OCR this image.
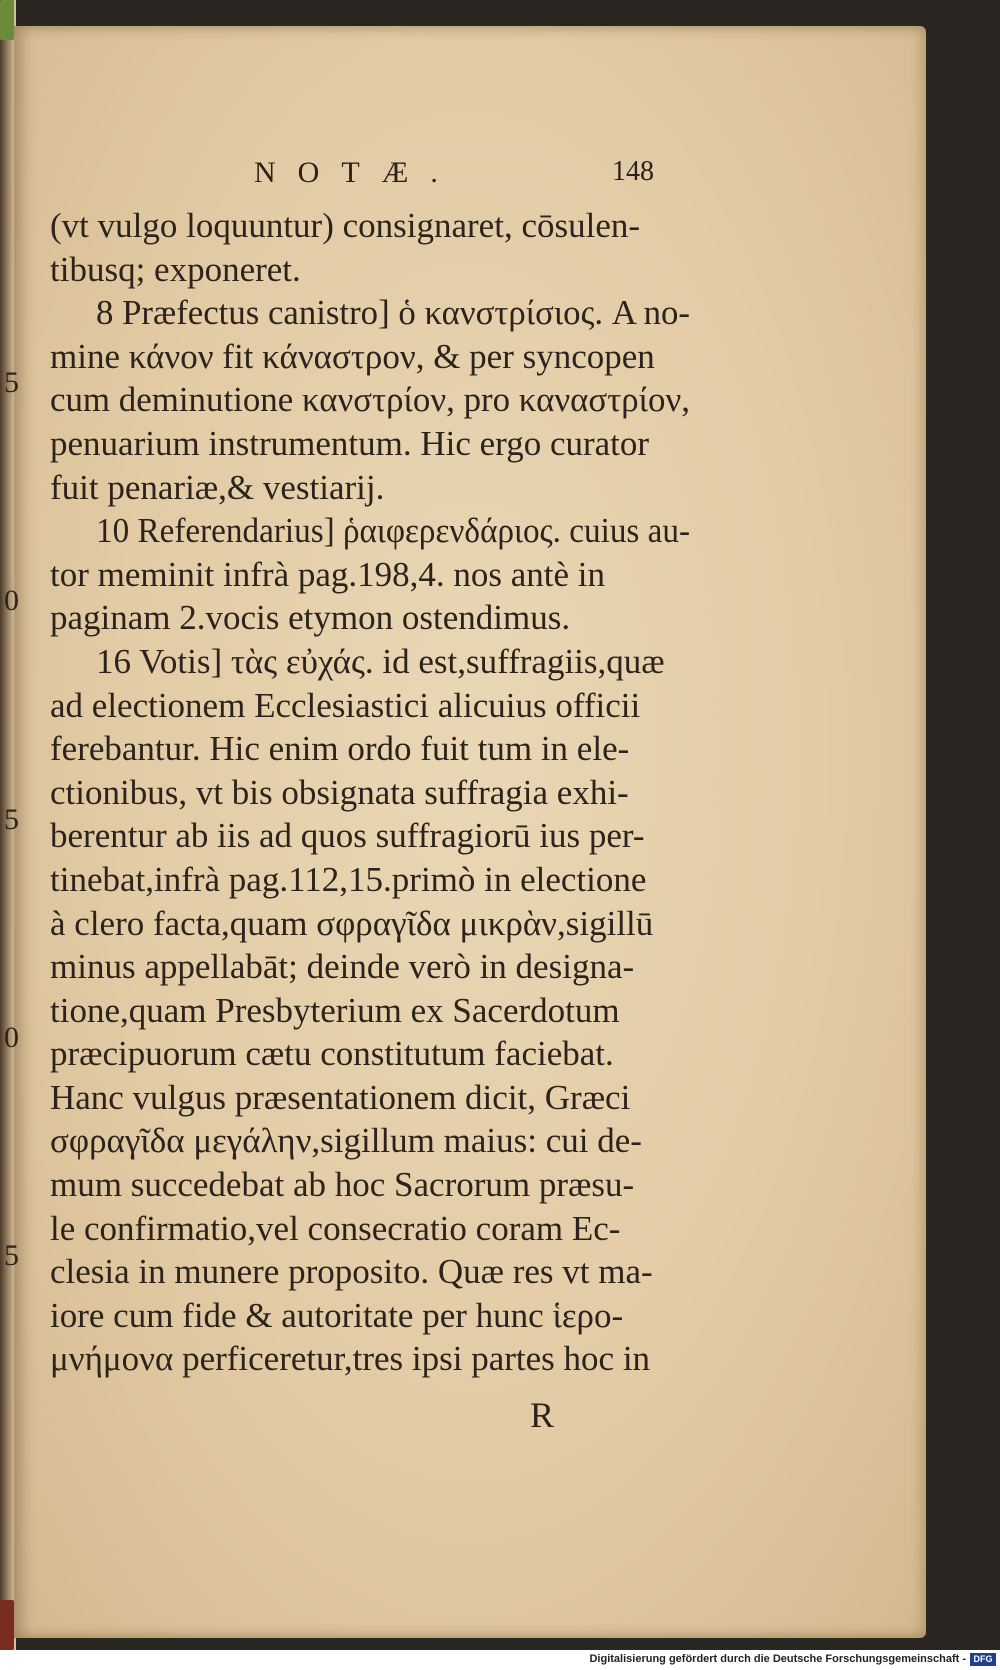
NOTÆ.	148
(vt vulgo loquuntur) consignaret, cōsulen-
tibusq; exponeret.
8 Præfectus canistro] ὁ κανστρίσιος. A no-
mine κάνον fit κάναστρον, & per syncopen
cum deminutione κανστρίον, pro καναστρίον,
penuarium instrumentum. Hic ergo curator
fuit penariæ,& vestiarij.
10 Referendarius] ῥαιφερενδάριος. cuius au-
tor meminit infrà pag.198,4. nos antè in
paginam 2.vocis etymon ostendimus.
16 Votis] τὰς εὐχάς. id est,suffragiis,quæ
ad electionem Ecclesiastici alicuius officii
ferebantur. Hic enim ordo fuit tum in ele-
ctionibus, vt bis obsignata suffragia exhi-
berentur ab iis ad quos suffragiorū ius per-
tinebat,infrà pag.112,15.primò in electione
à clero facta,quam σφραγῖδα μικρὰν,sigillū
minus appellabāt; deinde verò in designa-
tione,quam Presbyterium ex Sacerdotum
præcipuorum cætu constitutum faciebat.
Hanc vulgus præsentationem dicit, Græci
σφραγῖδα μεγάλην,sigillum maius: cui de-
mum succedebat ab hoc Sacrorum præsu-
le confirmatio,vel consecratio coram Ec-
clesia in munere proposito. Quæ res vt ma-
iore cum fide & autoritate per hunc ἱερο-
μνήμονα perficeretur,tres ipsi partes hoc in
5
0
5
0
5
R
Digitalisierung gefördert durch die Deutsche Forschungsgemeinschaft - DFG
